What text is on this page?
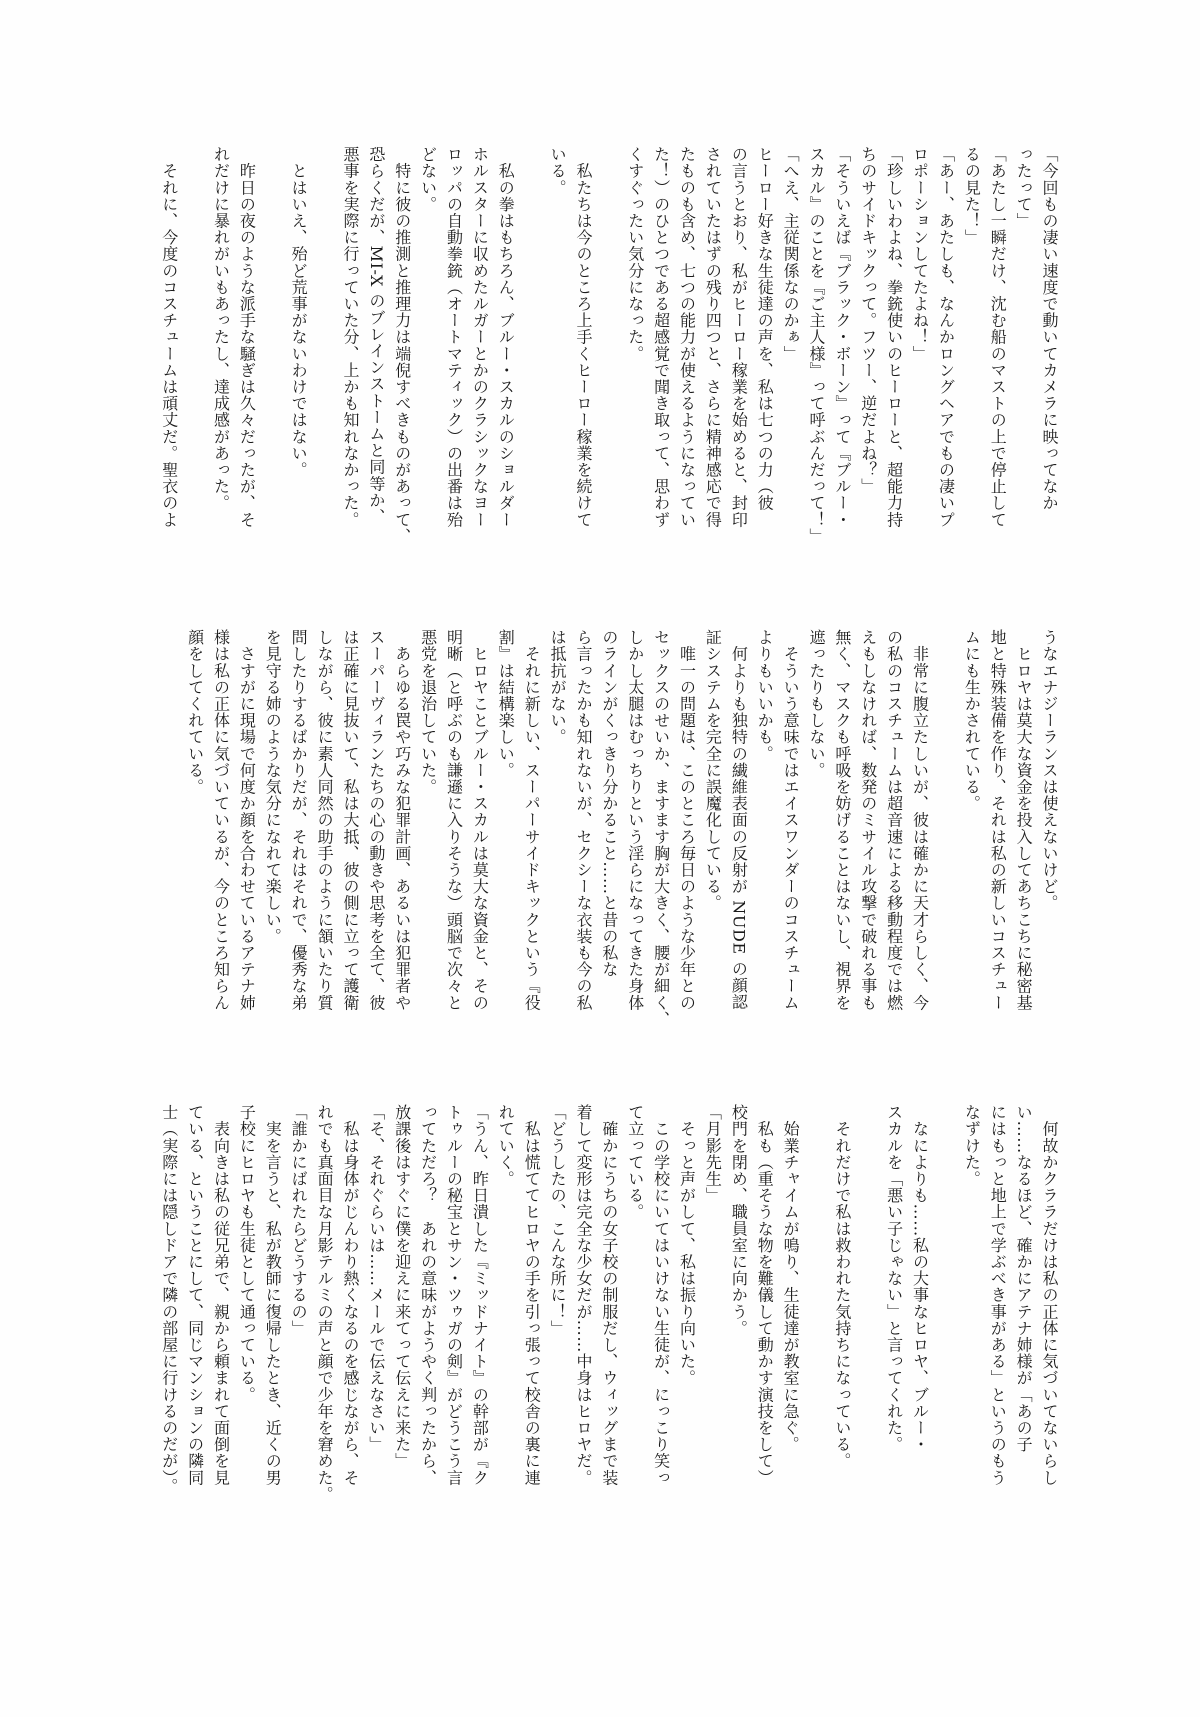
「今回もの凄い速度で動いてカメラに映ってなか
ったって」
「あたし一瞬だけ、沈む船のマストの上で停止して
るの見た！」
「あー、あたしも、なんかロングヘアでもの凄いプ
ロポーションしてたよね！」
「珍しいわよね、拳銃使いのヒーローと、超能力持
ちのサイドキックって。フツー、逆だよね？」
「そういえば『ブラック・ボーン』って『ブルー・
スカル』のことを『ご主人様』って呼ぶんだって！」
「へえ、主従関係なのかぁ」
ヒーロー好きな生徒達の声を、私は七つの力（彼
の言うとおり、私がヒーロー稼業を始めると、封印
されていたはずの残り四つと、さらに精神感応で得
たものも含め、七つの能力が使えるようになってい
た！）のひとつである超感覚で聞き取って、思わず
くすぐったい気分になった。
　私たちは今のところ上手くヒーロー稼業を続けて
いる。
　私の拳はもちろん、ブルー・スカルのショルダー
ホルスターに収めたルガーとかのクラシックなヨー
ロッパの自動拳銃（オートマティック）の出番は殆
どない。
　特に彼の推測と推理力は端倪すべきものがあって、
恐らくだが、MI-X のブレインストームと同等か、
悪事を実際に行っていた分、上かも知れなかった。
　とはいえ、殆ど荒事がないわけではない。
　昨日の夜のような派手な騒ぎは久々だったが、そ
れだけに暴れがいもあったし、達成感があった。
　それに、今度のコスチュームは頑丈だ。聖衣のよ
うなエナジーランスは使えないけど。
　ヒロヤは莫大な資金を投入してあちこちに秘密基
地と特殊装備を作り、それは私の新しいコスチュー
ムにも生かされている。
　非常に腹立たしいが、彼は確かに天才らしく、今
の私のコスチュームは超音速による移動程度では燃
えもしなければ、数発のミサイル攻撃で破れる事も
無く、マスクも呼吸を妨げることはないし、視界を
遮ったりもしない。
　そういう意味ではエイスワンダーのコスチューム
よりもいいかも。
　何よりも独特の繊維表面の反射が NUDE の顔認
証システムを完全に誤魔化している。
　唯一の問題は、このところ毎日のような少年との
セックスのせいか、ますます胸が大きく、腰が細く、
しかし太腿はむっちりという淫らになってきた身体
のラインがくっきり分かること……と昔の私な
ら言ったかも知れないが、セクシーな衣装も今の私
は抵抗がない。
　それに新しい、スーパーサイドキックという『役
割』は結構楽しい。
　ヒロヤことブルー・スカルは莫大な資金と、その
明晰（と呼ぶのも謙遜に入りそうな）頭脳で次々と
悪党を退治していた。
　あらゆる罠や巧みな犯罪計画、あるいは犯罪者や
スーパーヴィランたちの心の動きや思考を全て、彼
は正確に見抜いて、私は大抵、彼の側に立って護衛
しながら、彼に素人同然の助手のように頷いたり質
問したりするばかりだが、それはそれで、優秀な弟
を見守る姉のような気分になれて楽しい。
　さすがに現場で何度か顔を合わせているアテナ姉
様は私の正体に気づいているが、今のところ知らん
顔をしてくれている。
　何故かクララだけは私の正体に気づいてないらし
い……なるほど、確かにアテナ姉様が「あの子
にはもっと地上で学ぶべき事がある」というのもう
なずけた。
　なによりも……私の大事なヒロヤ、ブルー・
スカルを「悪い子じゃない」と言ってくれた。
　それだけで私は救われた気持ちになっている。
　始業チャイムが鳴り、生徒達が教室に急ぐ。
　私も（重そうな物を難儀して動かす演技をして）
校門を閉め、職員室に向かう。
「月影先生」
　そっと声がして、私は振り向いた。
　この学校にいてはいけない生徒が、にっこり笑っ
て立っている。
　確かにうちの女子校の制服だし、ウィッグまで装
着して変形は完全な少女だが……中身はヒロヤだ。
「どうしたの、こんな所に！」
　私は慌ててヒロヤの手を引っ張って校舎の裏に連
れていく。
「うん、昨日潰した『ミッドナイト』の幹部が『ク
トゥルーの秘宝とサン・ツゥガの剣』がどうこう言
ってただろ？　あれの意味がようやく判ったから、
放課後はすぐに僕を迎えに来てって伝えに来た」
「そ、それぐらいは……メールで伝えなさい」
　私は身体がじんわり熱くなるのを感じながら、そ
れでも真面目な月影テルミの声と顔で少年を窘めた。
「誰かにばれたらどうするの」
　実を言うと、私が教師に復帰したとき、近くの男
子校にヒロヤも生徒として通っている。
　表向きは私の従兄弟で、親から頼まれて面倒を見
ている、ということにして、同じマンションの隣同
士（実際には隠しドアで隣の部屋に行けるのだが）。
